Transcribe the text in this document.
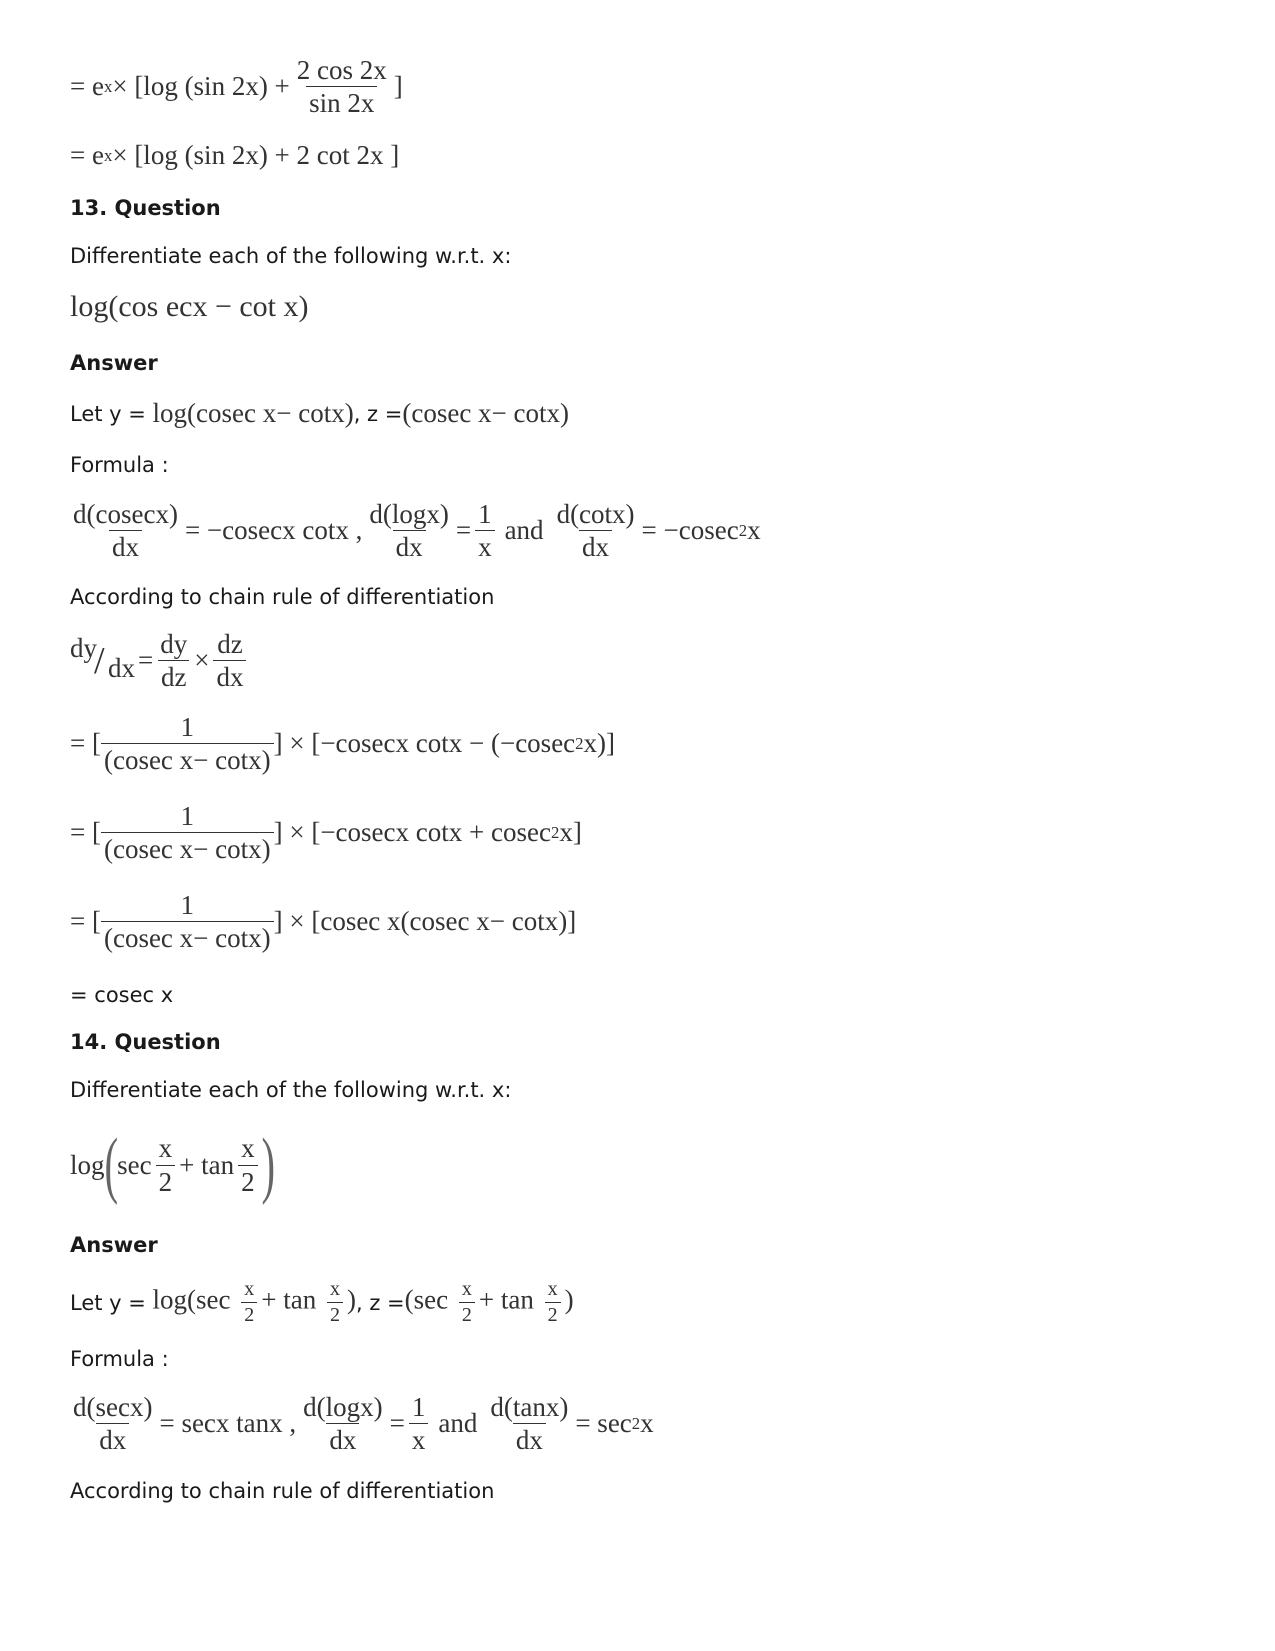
= e x × [log (sin $2x) + \frac{2 \cos 2x}{\sin 2x}$ ]
= e x × [log (sin 2x) + 2 cot 2x ]
13. Question
Differentiate each of the following w.r.t. x:
log(cos ecx − cot x)
Answer
Let y = log(cosec x− cotx) , z = (cosec x− cotx)
Formula :
$\frac{d(cosecx)}{dx} = -cosecx$ cotx , $\frac{d(\log x)}{dx} = \frac{1}{x}$ and $\frac{d(\cot x)}{dx} = -cosec$ 2 x
According to chain rule of differentiation
dy
/ dx = $\frac{dy}{dz} \times \frac{dz}{dx}$
= [ $\frac{1}{\text{(cosec x− cotx)}}$ ] × [−cosecx cotx − (−cosec 2 x)]
= [ $\frac{1}{\text{(cosec x− cotx)}}$ ] × [−cosecx cotx + cosec 2 x]
= [ $\frac{1}{\text{(cosec x− cotx)}}$ ] × [cosec x(cosec x− cotx)]
= cosec x
14. Question
Differentiate each of the following w.r.t. x:
log ( $\sec \frac{x}{2} + \tan \frac{x}{2}$ )
Answer
Let $y = \log(\sec \frac{x}{2} + \tan \frac{x}{2}$ ) , $z = (\sec \frac{x}{2} + \tan \frac{x}{2}$ )
Formula :
$\frac{d(\sec x)}{dx} = \sec x$ tanx , $\frac{d(\log x)}{dx} = \frac{1}{x}$ and $\frac{d(\tan x)}{dx} = \sec 2$ x
According to chain rule of differentiation
